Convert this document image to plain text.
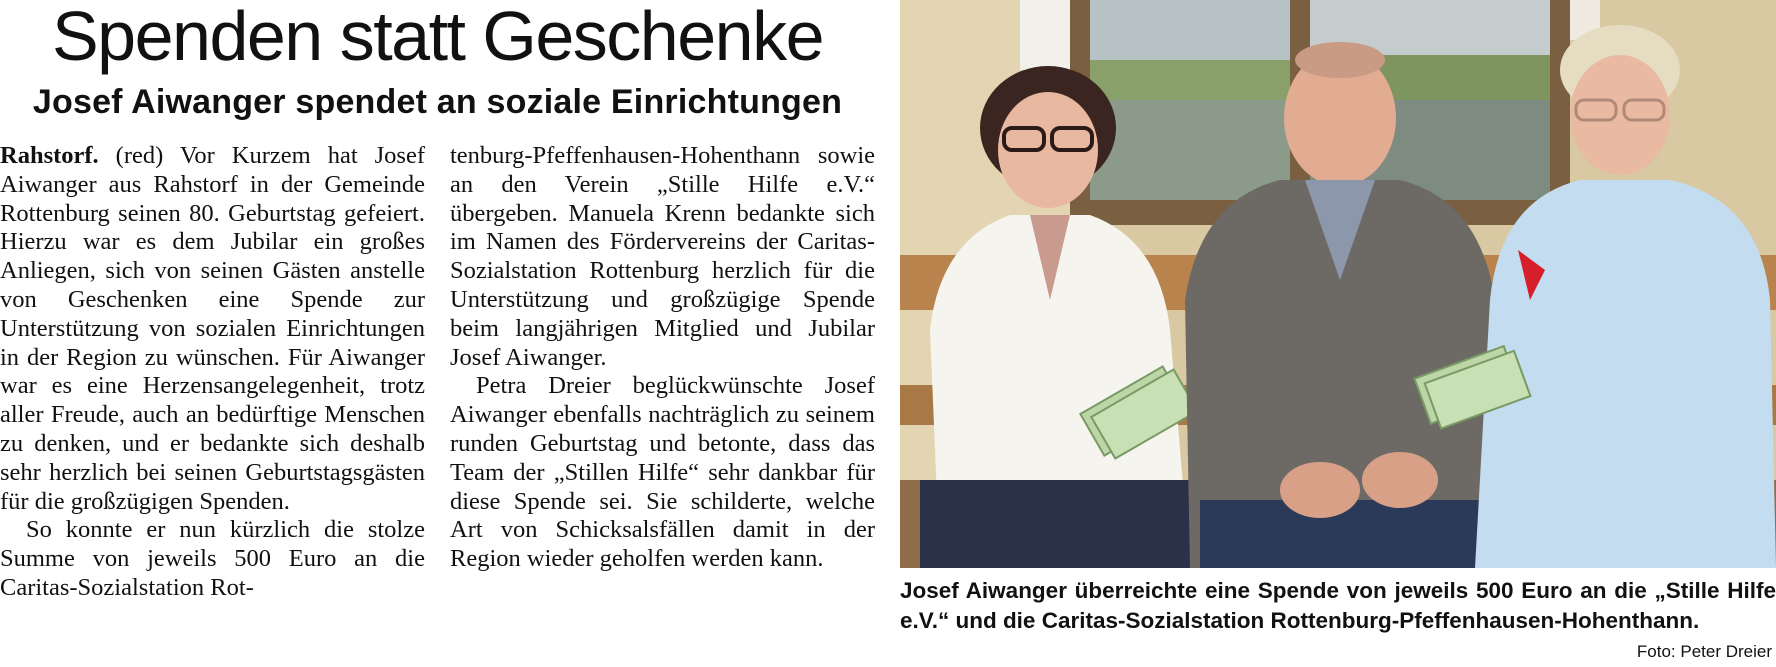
Spenden statt Geschenke
Josef Aiwanger spendet an soziale Einrichtungen

Rahstorf. (red) Vor Kurzem hat Josef Aiwanger aus Rahstorf in der Gemeinde Rottenburg seinen 80. Geburtstag gefeiert. Hierzu war es dem Jubilar ein großes Anliegen, sich von seinen Gästen anstelle von Geschenken eine Spende zur Unterstützung von sozialen Einrichtungen in der Region zu wünschen. Für Aiwanger war es eine Herzensangelegenheit, trotz aller Freude, auch an bedürftige Menschen zu denken, und er bedankte sich deshalb sehr herzlich bei seinen Geburtstagsgästen für die großzügigen Spenden.

So konnte er nun kürzlich die stolze Summe von jeweils 500 Euro an die Caritas-Sozialstation Rot-

tenburg-Pfeffenhausen-Hohenthann sowie an den Verein „Stille Hilfe e.V.“ übergeben. Manuela Krenn bedankte sich im Namen des Fördervereins der Caritas-Sozialstation Rottenburg herzlich für die Unterstützung und großzügige Spende beim langjährigen Mitglied und Jubilar Josef Aiwanger.

Petra Dreier beglückwünschte Josef Aiwanger ebenfalls nachträglich zu seinem runden Geburtstag und betonte, dass das Team der „Stillen Hilfe“ sehr dankbar für diese Spende sei. Sie schilderte, welche Art von Schicksalsfällen damit in der Region wieder geholfen werden kann.

Josef Aiwanger überreichte eine Spende von jeweils 500 Euro an die „Stille Hilfe e.V.“ und die Caritas-Sozialstation Rottenburg-Pfeffenhausen-Hohenthann.

Foto: Peter Dreier
